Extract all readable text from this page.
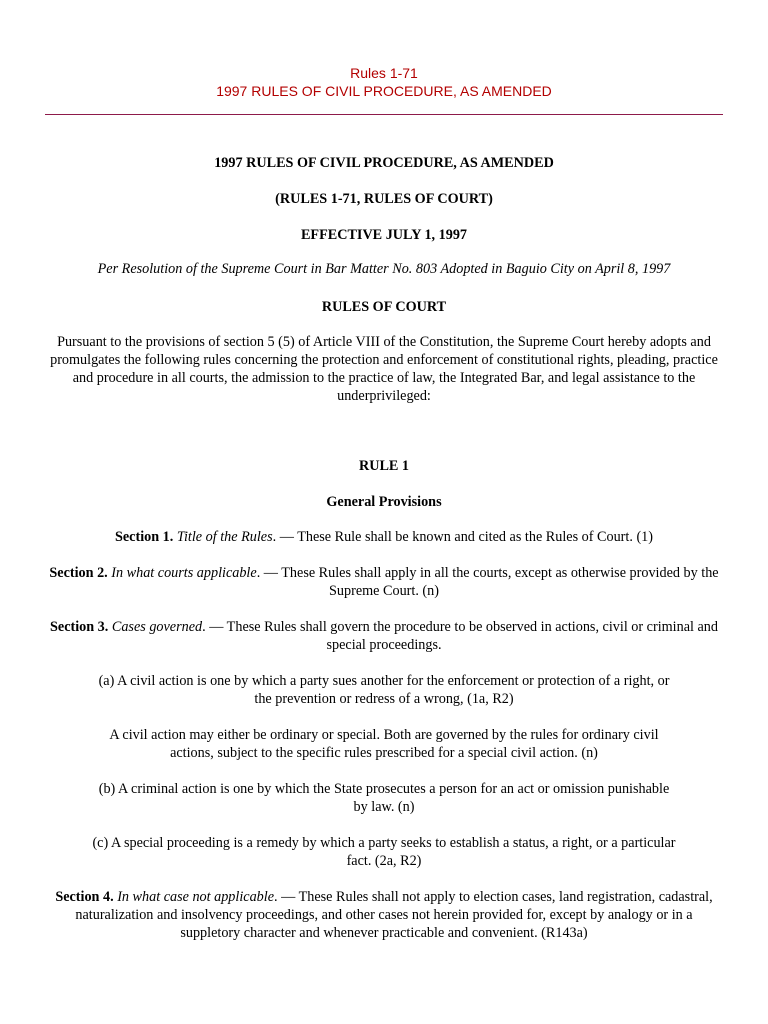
Rules 1-71
1997 RULES OF CIVIL PROCEDURE, AS AMENDED

1997 RULES OF CIVIL PROCEDURE, AS AMENDED

(RULES 1-71, RULES OF COURT)

EFFECTIVE JULY 1, 1997

Per Resolution of the Supreme Court in Bar Matter No. 803 Adopted in Baguio City on April 8, 1997

RULES OF COURT

Pursuant to the provisions of section 5 (5) of Article VIII of the Constitution, the Supreme Court hereby adopts and promulgates the following rules concerning the protection and enforcement of constitutional rights, pleading, practice and procedure in all courts, the admission to the practice of law, the Integrated Bar, and legal assistance to the underprivileged:

RULE 1

General Provisions

Section 1. Title of the Rules. — These Rule shall be known and cited as the Rules of Court. (1)

Section 2. In what courts applicable. — These Rules shall apply in all the courts, except as otherwise provided by the Supreme Court. (n)

Section 3. Cases governed. — These Rules shall govern the procedure to be observed in actions, civil or criminal and special proceedings.

(a) A civil action is one by which a party sues another for the enforcement or protection of a right, or the prevention or redress of a wrong, (1a, R2)

A civil action may either be ordinary or special. Both are governed by the rules for ordinary civil actions, subject to the specific rules prescribed for a special civil action. (n)

(b) A criminal action is one by which the State prosecutes a person for an act or omission punishable by law. (n)

(c) A special proceeding is a remedy by which a party seeks to establish a status, a right, or a particular fact. (2a, R2)

Section 4. In what case not applicable. — These Rules shall not apply to election cases, land registration, cadastral, naturalization and insolvency proceedings, and other cases not herein provided for, except by analogy or in a suppletory character and whenever practicable and convenient. (R143a)
